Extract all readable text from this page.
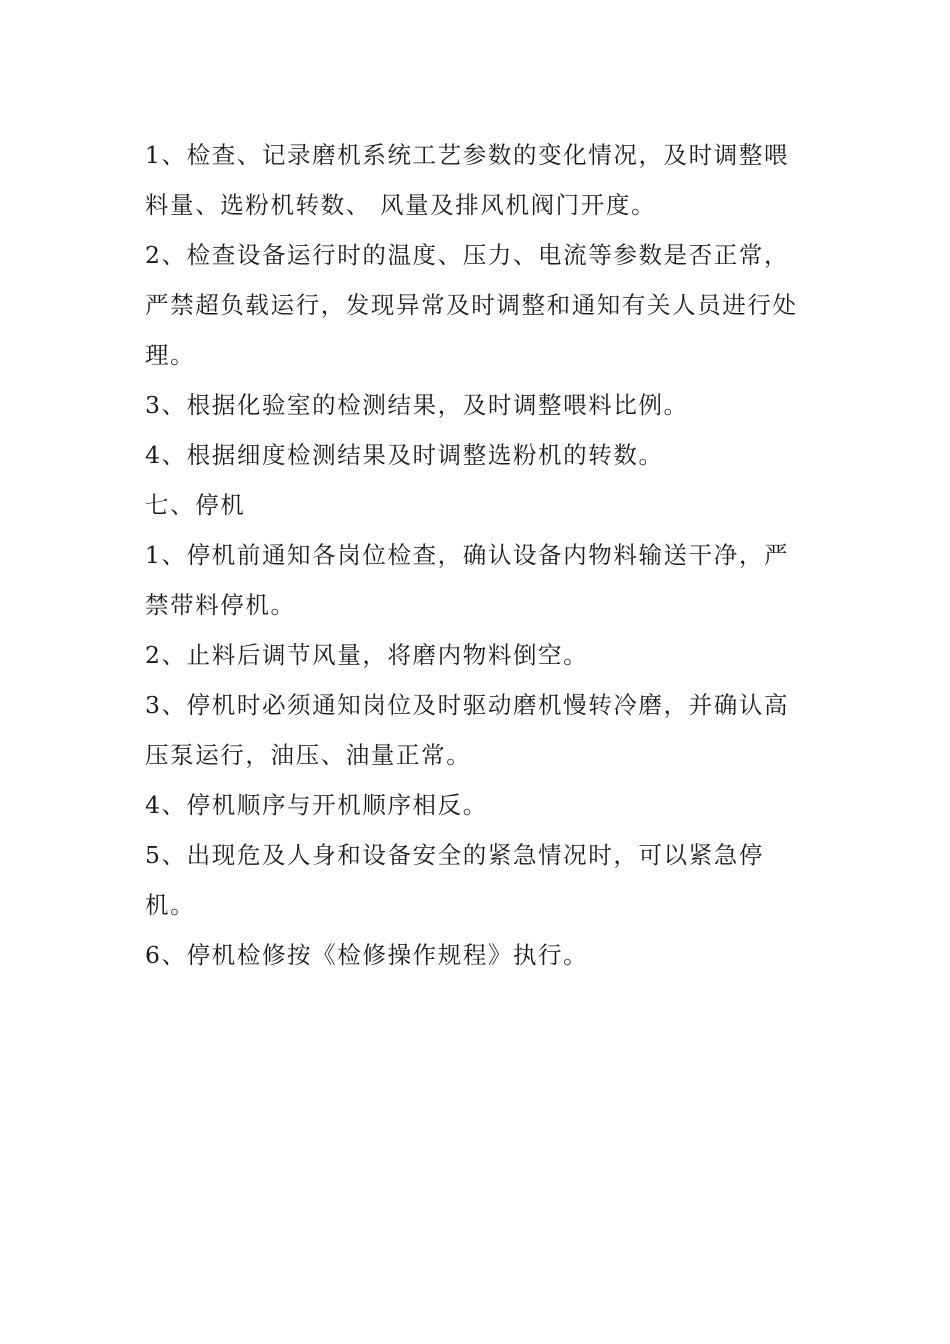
1、检查、记录磨机系统工艺参数的变化情况，及时调整喂料量、选粉机转数、 风量及排风机阀门开度。

2、检查设备运行时的温度、压力、电流等参数是否正常，严禁超负载运行，发现异常及时调整和通知有关人员进行处理。

3、根据化验室的检测结果，及时调整喂料比例。

4、根据细度检测结果及时调整选粉机的转数。

七、停机

1、停机前通知各岗位检查，确认设备内物料输送干净，严禁带料停机。

2、止料后调节风量，将磨内物料倒空。

3、停机时必须通知岗位及时驱动磨机慢转冷磨，并确认高压泵运行，油压、油量正常。

4、停机顺序与开机顺序相反。

5、出现危及人身和设备安全的紧急情况时，可以紧急停机。

6、停机检修按《检修操作规程》执行。
